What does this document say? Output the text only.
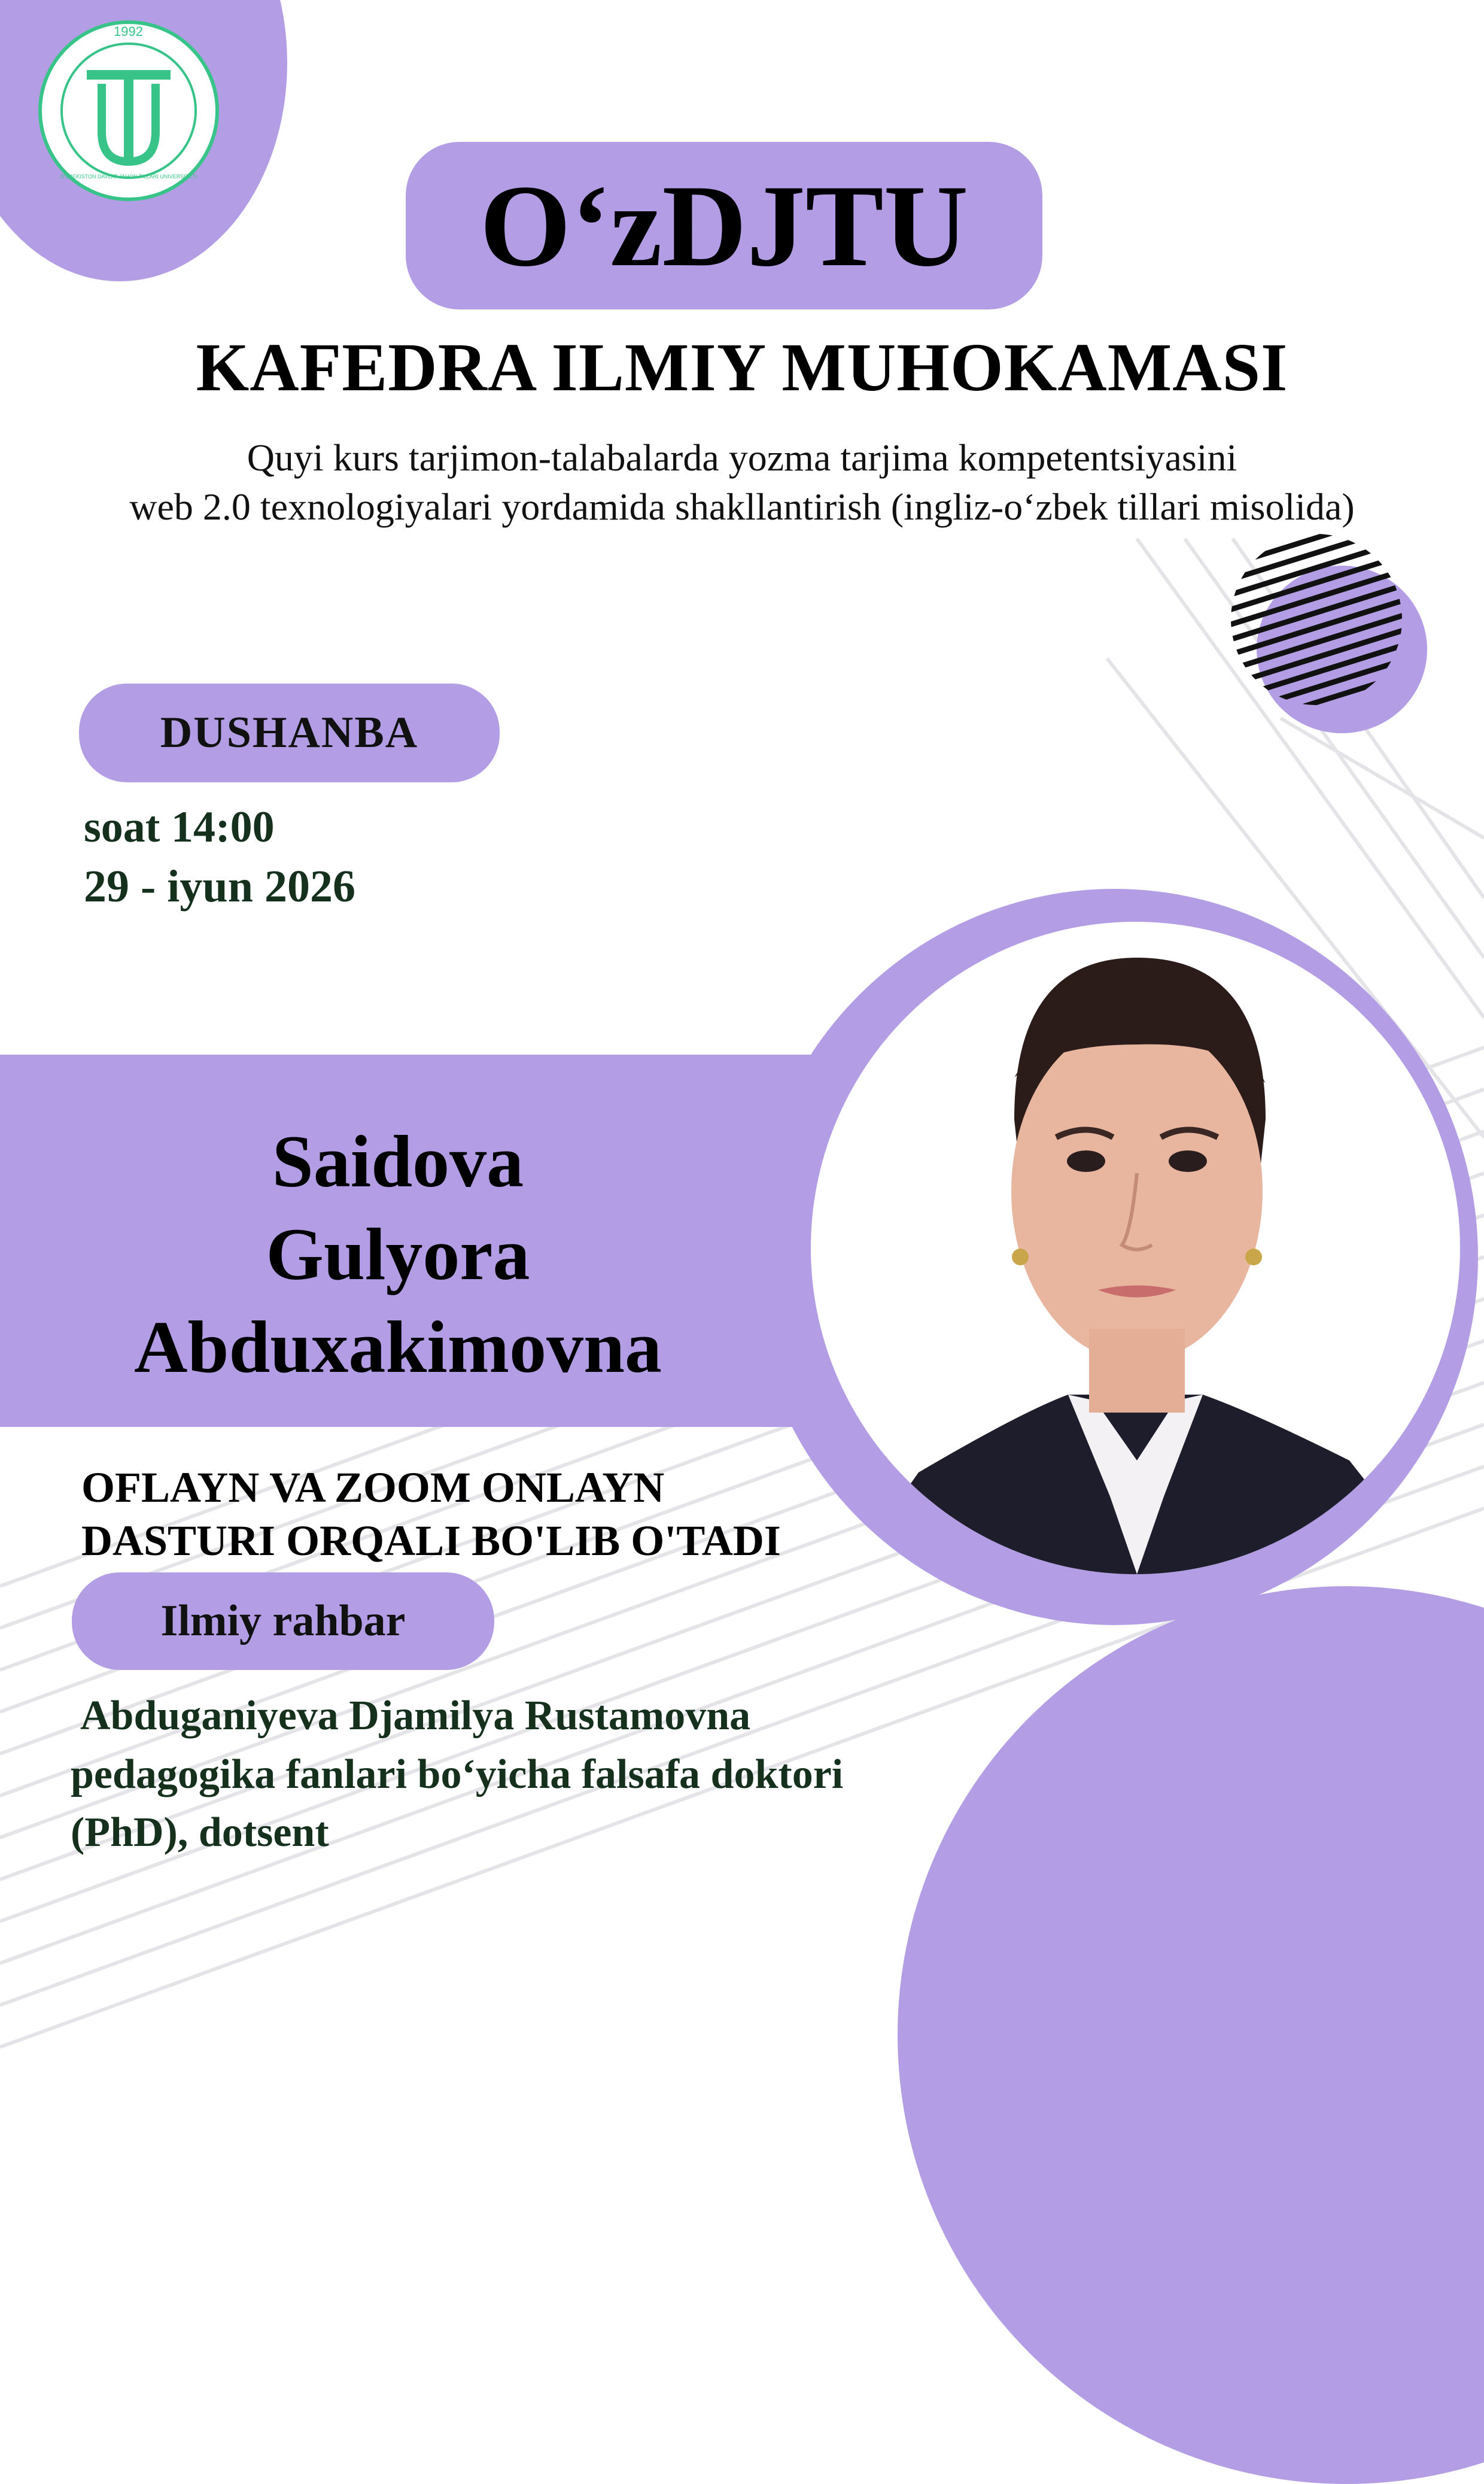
1992
O'ZBEKISTON DAVLAT JAHON TILLARI UNIVERSITETI O‘zDJTU
KAFEDRA ILMIY MUHOKAMASI
Quyi kurs tarjimon-talabalarda yozma tarjima kompetentsiyasini
web 2.0 texnologiyalari yordamida shakllantirish (ingliz-o‘zbek tillari misolida)
DUSHANBA
soat 14:00
29 - iyun 2026
Saidova
Gulyora
Abduxakimovna
OFLAYN VA ZOOM ONLAYN
DASTURI ORQALI BO'LIB O'TADI
Ilmiy rahbar
Abduganiyeva Djamilya Rustamovna
pedagogika fanlari bo‘yicha falsafa doktori
(PhD), dotsent
